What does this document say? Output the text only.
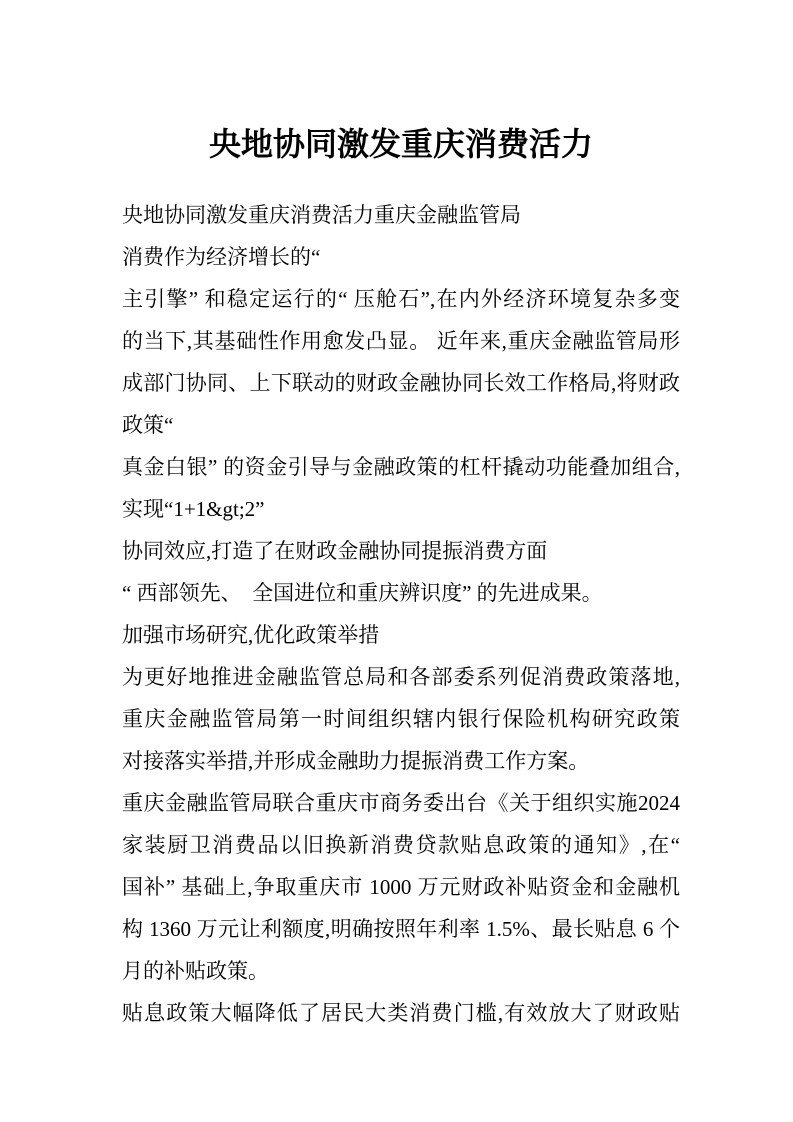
央地协同激发重庆消费活力
央地协同激发重庆消费活力重庆金融监管局
消费作为经济增长的“
主引擎” 和稳定运行的“ 压舱石”,在内外经济环境复杂多变
的当下,其基础性作用愈发凸显。 近年来,重庆金融监管局形
成部门协同、上下联动的财政金融协同长效工作格局,将财政
政策“
真金白银” 的资金引导与金融政策的杠杆撬动功能叠加组合,
实现“1+1&gt;2”
协同效应,打造了在财政金融协同提振消费方面
“ 西部领先、　全国进位和重庆辨识度” 的先进成果。
加强市场研究,优化政策举措
为更好地推进金融监管总局和各部委系列促消费政策落地,
重庆金融监管局第一时间组织辖内银行保险机构研究政策
对接落实举措,并形成金融助力提振消费工作方案。
重庆金融监管局联合重庆市商务委出台《关于组织实施2024
家装厨卫消费品以旧换新消费贷款贴息政策的通知》,在“
国补” 基础上,争取重庆市 1000 万元财政补贴资金和金融机
构 1360 万元让利额度,明确按照年利率 1.5%、最长贴息 6 个
月的补贴政策。
贴息政策大幅降低了居民大类消费门槛,有效放大了财政贴
